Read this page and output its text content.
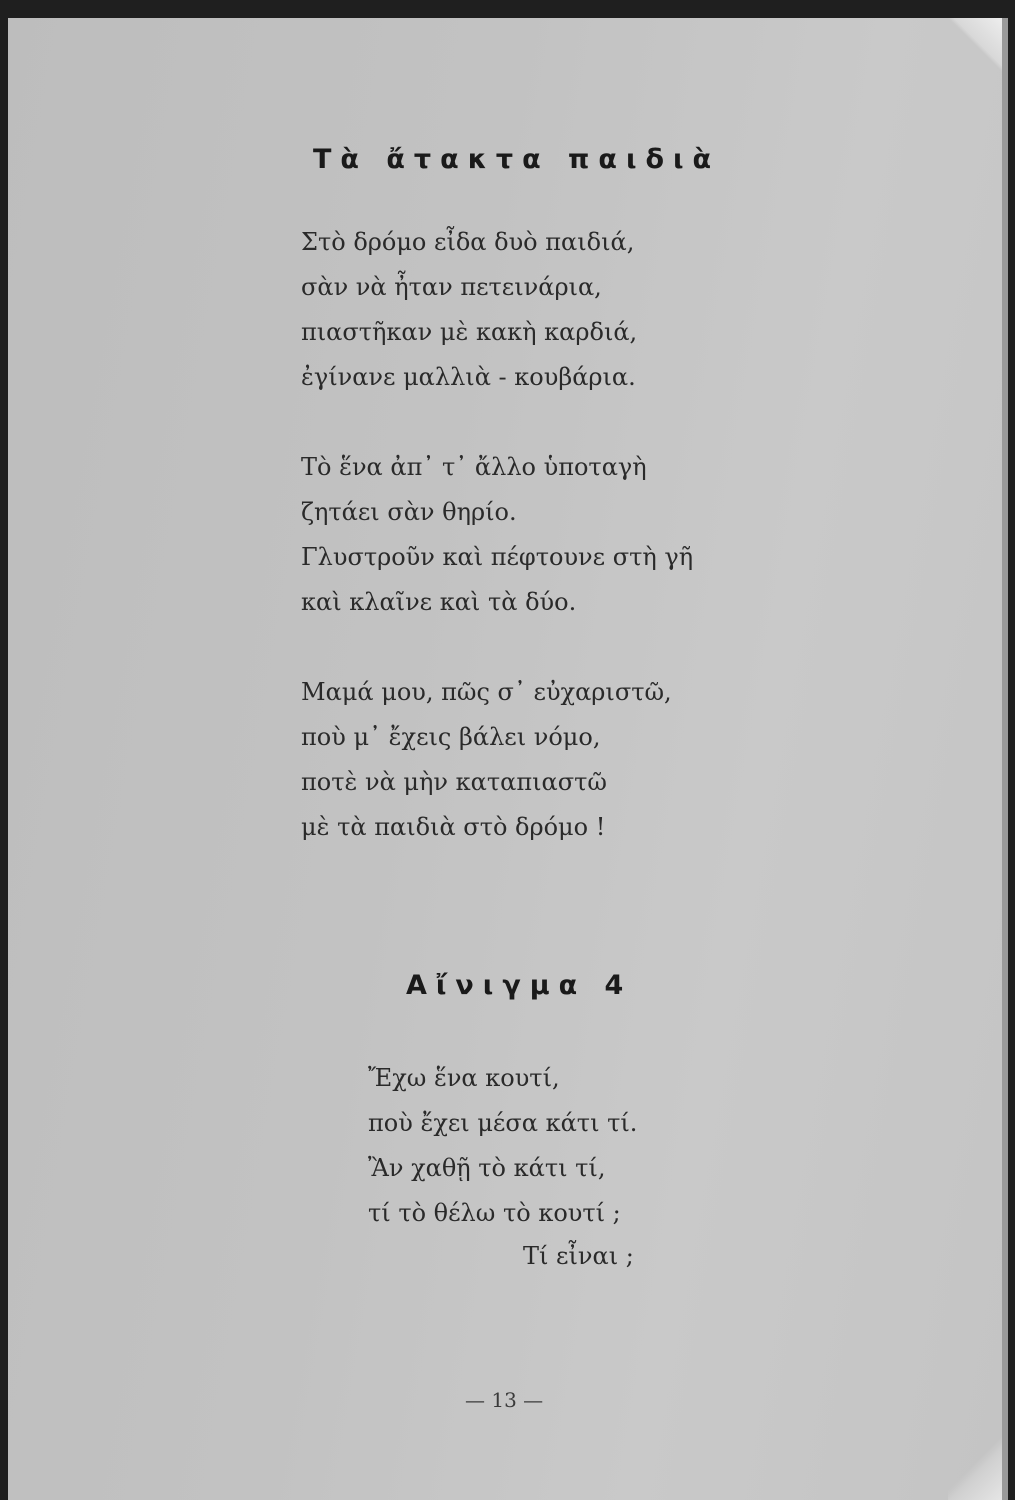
Τὰ ἄτακτα παιδιὰ
Στὸ δρόμο εἶδα δυὸ παιδιά,
σὰν νὰ ἦταν πετεινάρια,
πιαστῆκαν μὲ κακὴ καρδιά,
ἐγίνανε μαλλιὰ - κουβάρια.
Τὸ ἕνα ἀπ᾽ τ᾽ ἄλλο ὑποταγὴ
ζητάει σὰν θηρίο.
Γλυστροῦν καὶ πέφτουνε στὴ γῆ
καὶ κλαῖνε καὶ τὰ δύο.
Μαμά μου, πῶς σ᾽ εὐχαριστῶ,
ποὺ μ᾽ ἔχεις βάλει νόμο,
ποτὲ νὰ μὴν καταπιαστῶ
μὲ τὰ παιδιὰ στὸ δρόμο !
Αἴνιγμα 4
Ἔχω ἕνα κουτί,
ποὺ ἔχει μέσα κάτι τί.
Ἂν χαθῇ τὸ κάτι τί,
τί τὸ θέλω τὸ κουτί ;
Τί εἶναι ;
— 13 —
